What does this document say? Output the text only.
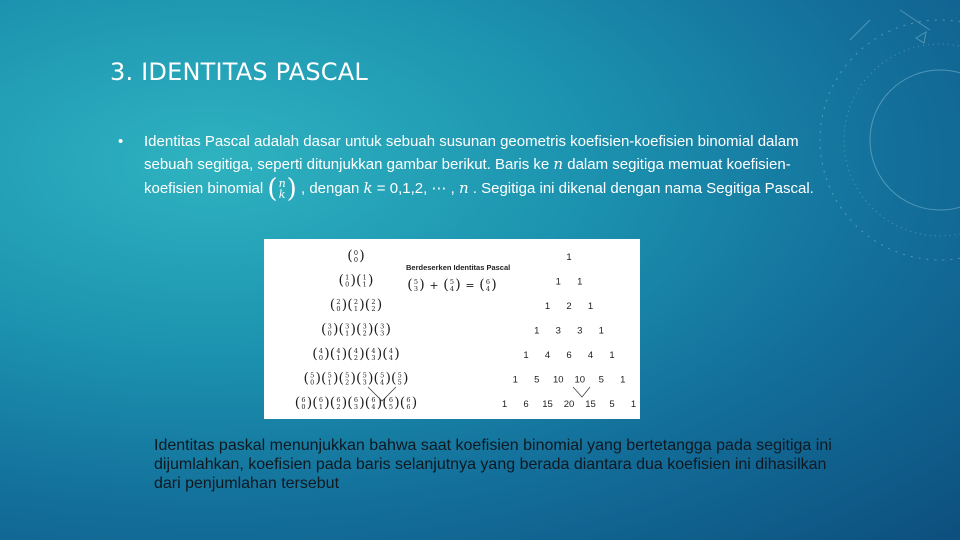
3. IDENTITAS PASCAL
•	Identitas Pascal adalah dasar untuk sebuah susunan geometris koefisien-koefisien binomial dalam sebuah segitiga, seperti ditunjukkan gambar berikut. Baris ke n dalam segitiga memuat koefisien-koefisien binomial ( n
k ) , dengan k = 0,1,2, ⋯ , n . Segitiga ini dikenal dengan nama Segitiga Pascal.
Berdeserken Identitas Pascal
( 5
3 ) + ( 5
4 ) = ( 6
4 )
( 0
0 )
( 1
0 ) ( 1
1 )
( 2
0 ) ( 2
1 ) ( 2
2 )
( 3
0 ) ( 3
1 ) ( 3
2 ) ( 3
3 )
( 4
0 ) ( 4
1 ) ( 4
2 ) ( 4
3 ) ( 4
4 )
( 5
0 ) ( 5
1 ) ( 5
2 ) ( 5
3 ) ( 5
4 ) ( 5
5 )
( 6
0 ) ( 6
1 ) ( 6
2 ) ( 6
3 ) ( 6
4 ) ( 6
5 ) ( 6
6 )
1
1 1
1 2 1
1 3 3 1
1 4 6 4 1
1 5 10 10 5 1
1 6 15 20 15 5 1
Identitas paskal menunjukkan bahwa saat koefisien binomial yang bertetangga pada segitiga ini dijumlahkan, koefisien pada baris selanjutnya yang berada diantara dua koefisien ini dihasilkan dari penjumlahan tersebut
